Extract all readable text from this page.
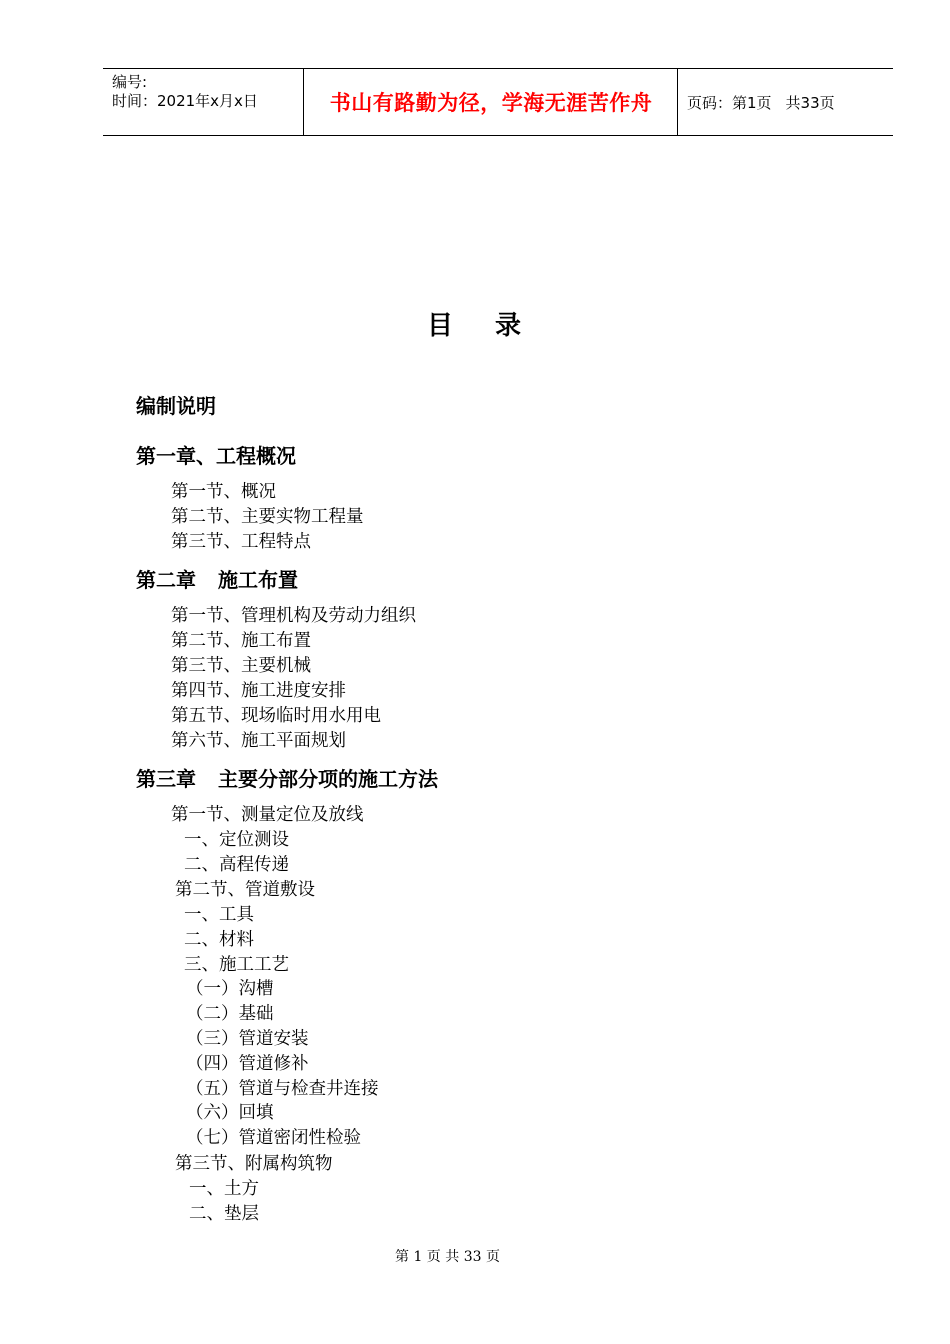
编号:
时间：2021年x月x日	书山有路勤为径，学海无涯苦作舟	页码：第1页 共33页
目 录
编制说明
第一章、工程概况
第一节、概况
第二节、主要实物工程量
第三节、工程特点
第二章 施工布置
第一节、管理机构及劳动力组织
第二节、施工布置
第三节、主要机械
第四节、施工进度安排
第五节、现场临时用水用电
第六节、施工平面规划
第三章 主要分部分项的施工方法
第一节、测量定位及放线
一、定位测设
二、高程传递
第二节、管道敷设
一、工具
二、材料
三、施工工艺
（一）沟槽
（二）基础
（三）管道安装
（四）管道修补
（五）管道与检查井连接
（六）回填
（七）管道密闭性检验
第三节、附属构筑物
一、土方
二、垫层
第 1 页 共 33 页
